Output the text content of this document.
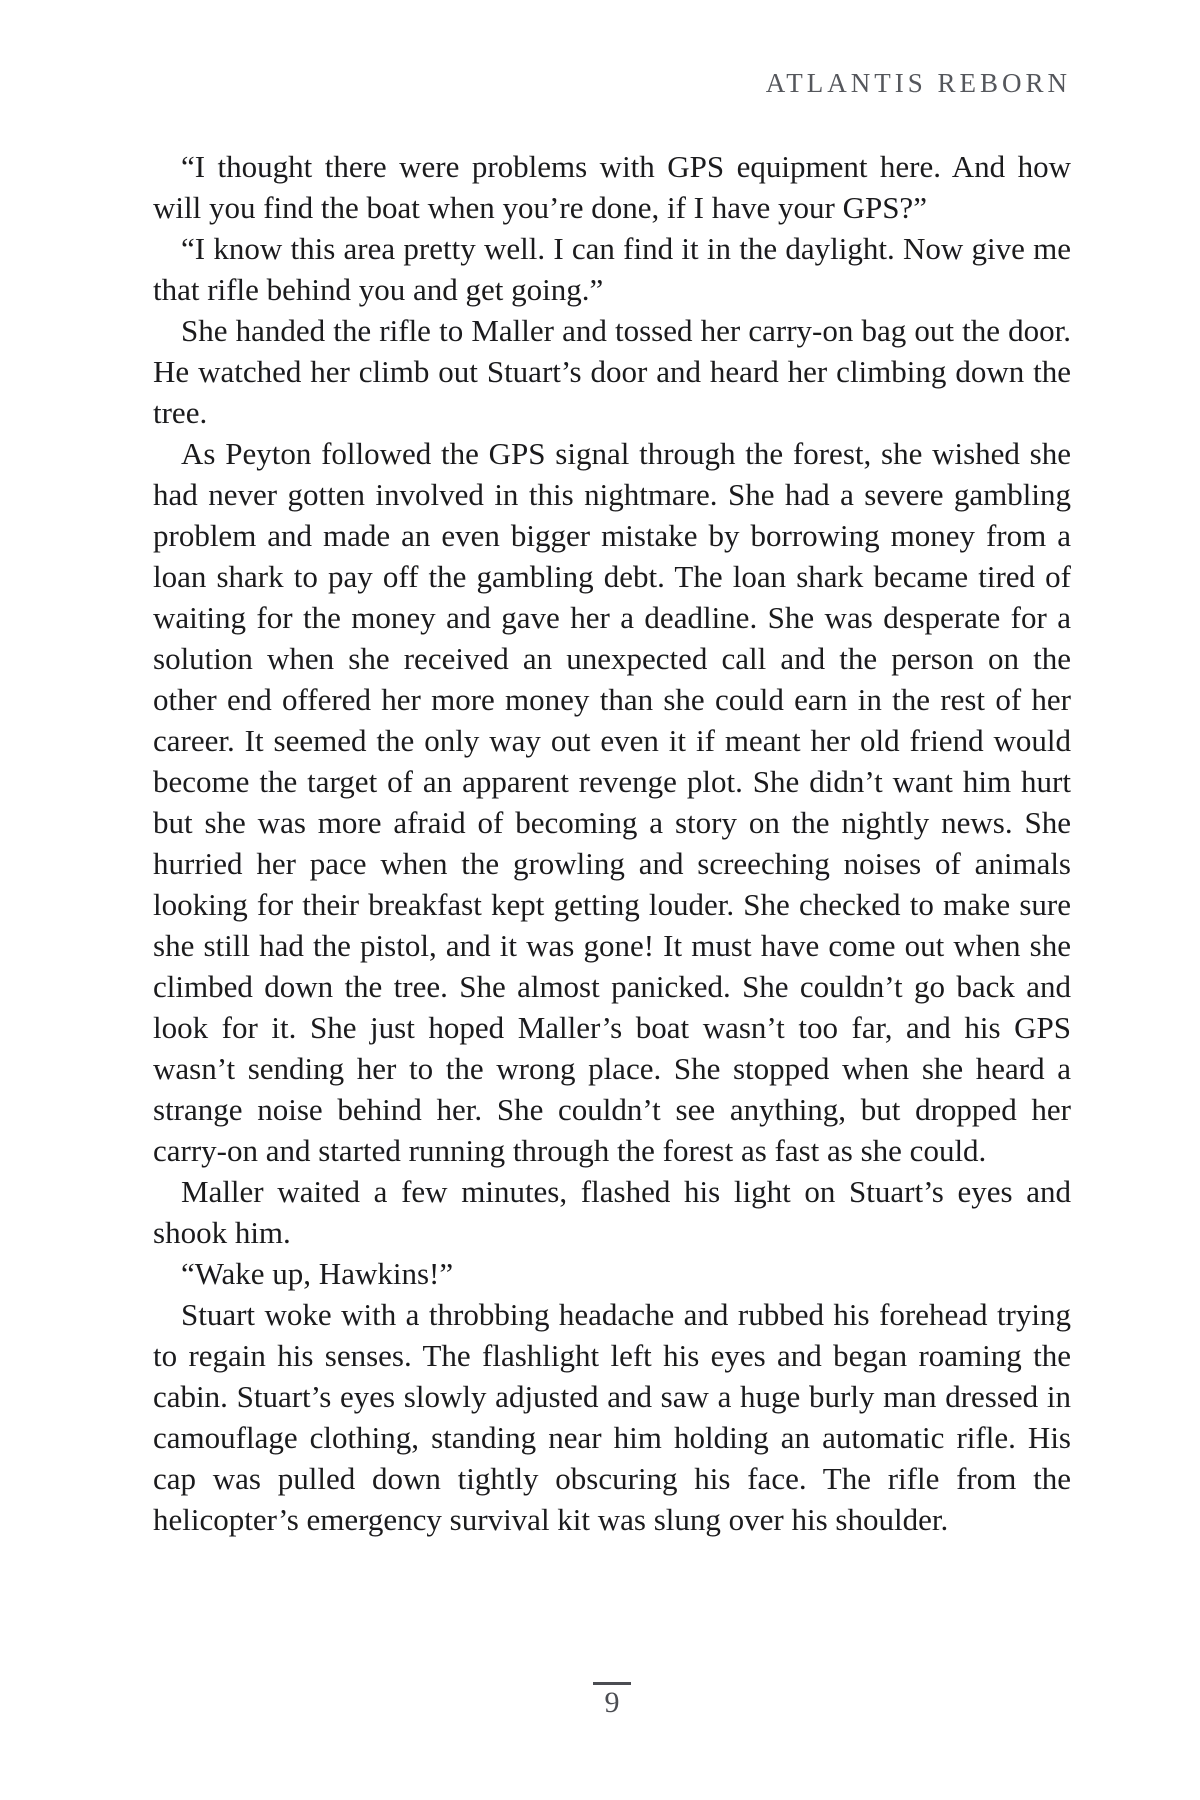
ATLANTIS REBORN

“I thought there were problems with GPS equipment here. And how will you find the boat when you’re done, if I have your GPS?”

“I know this area pretty well. I can find it in the daylight. Now give me that rifle behind you and get going.”

She handed the rifle to Maller and tossed her carry-on bag out the door. He watched her climb out Stuart’s door and heard her climbing down the tree.

As Peyton followed the GPS signal through the forest, she wished she had never gotten involved in this nightmare. She had a severe gambling problem and made an even bigger mistake by borrowing money from a loan shark to pay off the gambling debt. The loan shark became tired of waiting for the money and gave her a deadline. She was desperate for a solution when she received an unexpected call and the person on the other end offered her more money than she could earn in the rest of her career. It seemed the only way out even it if meant her old friend would become the target of an apparent revenge plot. She didn’t want him hurt but she was more afraid of becoming a story on the nightly news. She hurried her pace when the growling and screeching noises of animals looking for their breakfast kept getting louder. She checked to make sure she still had the pistol, and it was gone! It must have come out when she climbed down the tree. She almost panicked. She couldn’t go back and look for it. She just hoped Maller’s boat wasn’t too far, and his GPS wasn’t sending her to the wrong place. She stopped when she heard a strange noise behind her. She couldn’t see anything, but dropped her carry-on and started running through the forest as fast as she could.

Maller waited a few minutes, flashed his light on Stuart’s eyes and shook him.

“Wake up, Hawkins!”

Stuart woke with a throbbing headache and rubbed his forehead trying to regain his senses. The flashlight left his eyes and began roaming the cabin. Stuart’s eyes slowly adjusted and saw a huge burly man dressed in camouflage clothing, standing near him holding an automatic rifle. His cap was pulled down tightly obscuring his face. The rifle from the helicopter’s emergency survival kit was slung over his shoulder.

9
